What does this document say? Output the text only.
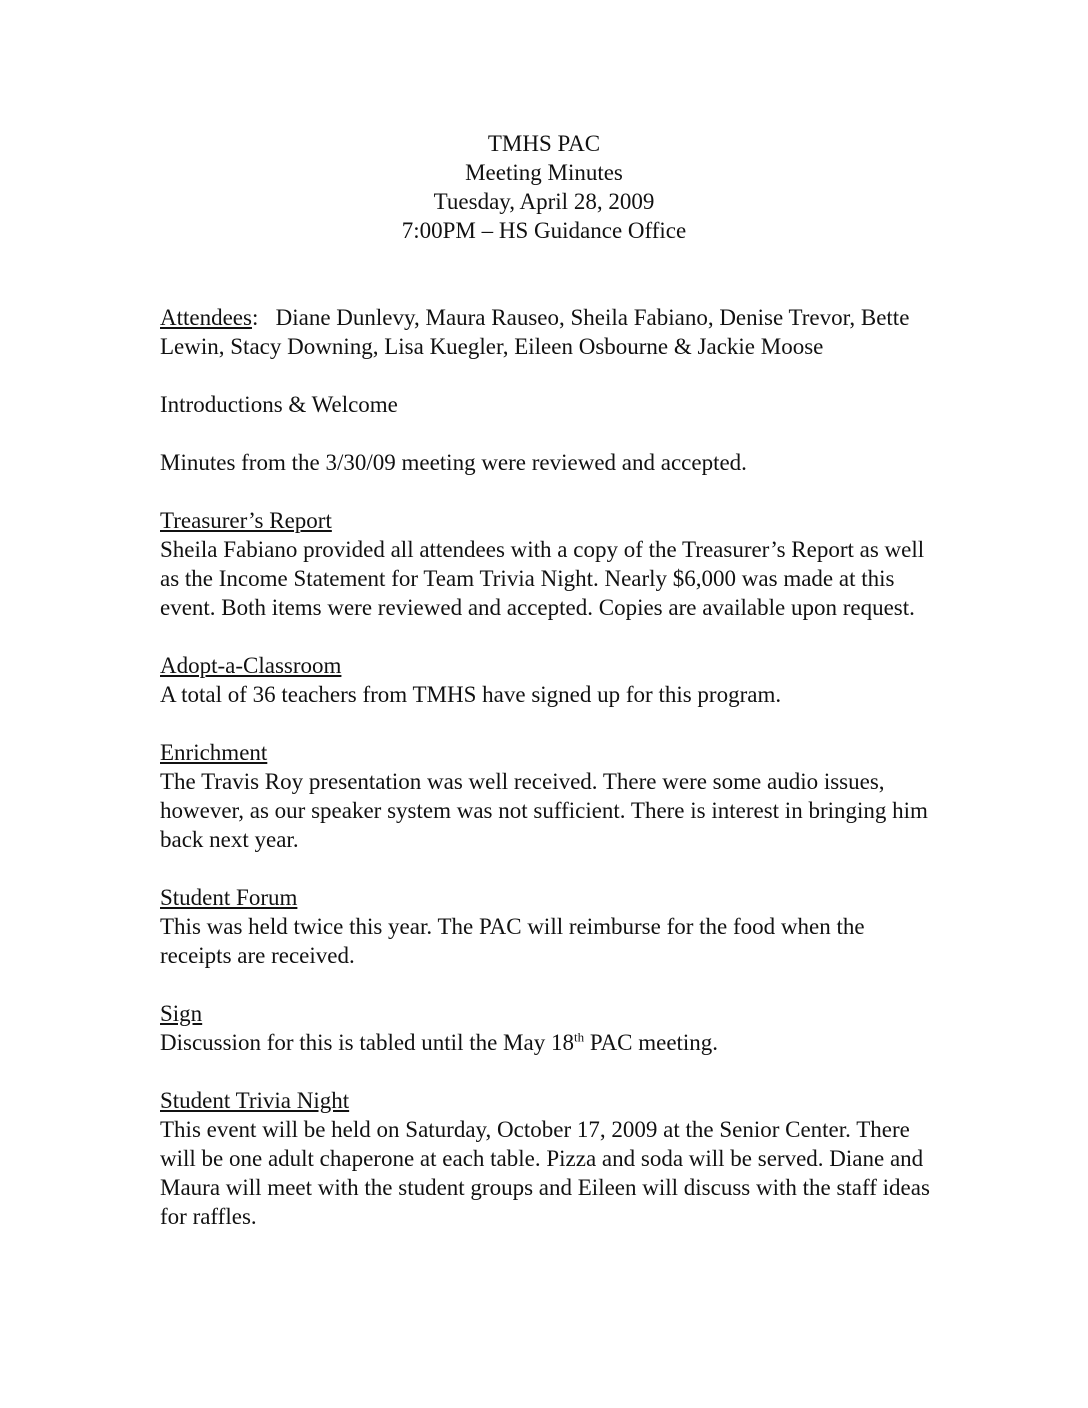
TMHS PAC
Meeting Minutes
Tuesday, April 28, 2009
7:00PM – HS Guidance Office

Attendees: Diane Dunlevy, Maura Rauseo, Sheila Fabiano, Denise Trevor, Bette Lewin, Stacy Downing, Lisa Kuegler, Eileen Osbourne & Jackie Moose

Introductions & Welcome

Minutes from the 3/30/09 meeting were reviewed and accepted.

Treasurer’s Report
Sheila Fabiano provided all attendees with a copy of the Treasurer’s Report as well as the Income Statement for Team Trivia Night. Nearly $6,000 was made at this event. Both items were reviewed and accepted. Copies are available upon request.
Adopt-a-Classroom
A total of 36 teachers from TMHS have signed up for this program.
Enrichment
The Travis Roy presentation was well received. There were some audio issues, however, as our speaker system was not sufficient. There is interest in bringing him back next year.
Student Forum
This was held twice this year. The PAC will reimburse for the food when the receipts are received.
Sign
Discussion for this is tabled until the May 18th PAC meeting.
Student Trivia Night
This event will be held on Saturday, October 17, 2009 at the Senior Center. There will be one adult chaperone at each table. Pizza and soda will be served. Diane and Maura will meet with the student groups and Eileen will discuss with the staff ideas for raffles.
